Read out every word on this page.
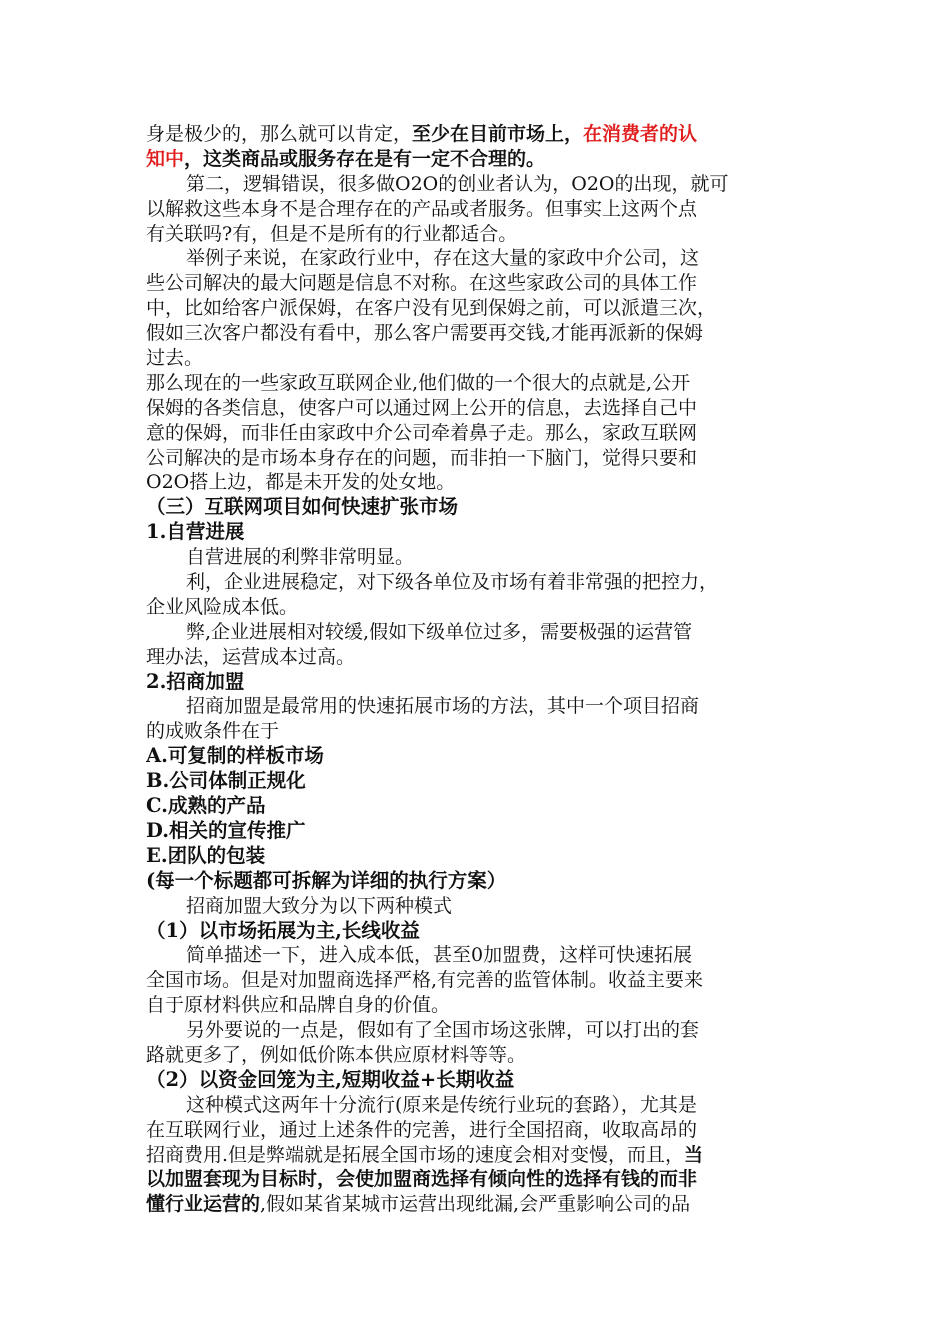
身是极少的，那么就可以肯定，至少在目前市场上，在消费者的认
知中，这类商品或服务存在是有一定不合理的。
第二，逻辑错误，很多做O2O的创业者认为，O2O的出现，就可
以解救这些本身不是合理存在的产品或者服务。但事实上这两个点
有关联吗?有，但是不是所有的行业都适合。
举例子来说，在家政行业中，存在这大量的家政中介公司，这
些公司解决的最大问题是信息不对称。在这些家政公司的具体工作
中，比如给客户派保姆，在客户没有见到保姆之前，可以派遣三次，
假如三次客户都没有看中，那么客户需要再交钱,才能再派新的保姆
过去。
那么现在的一些家政互联网企业,他们做的一个很大的点就是,公开
保姆的各类信息，使客户可以通过网上公开的信息，去选择自己中
意的保姆，而非任由家政中介公司牵着鼻子走。那么，家政互联网
公司解决的是市场本身存在的问题，而非拍一下脑门，觉得只要和
O2O搭上边，都是未开发的处女地。
（三）互联网项目如何快速扩张市场
1.自营进展
自营进展的利弊非常明显。
利，企业进展稳定，对下级各单位及市场有着非常强的把控力，
企业风险成本低。
弊,企业进展相对较缓,假如下级单位过多，需要极强的运营管
理办法，运营成本过高。
2.招商加盟
招商加盟是最常用的快速拓展市场的方法，其中一个项目招商
的成败条件在于
A.可复制的样板市场
B.公司体制正规化
C.成熟的产品
D.相关的宣传推广
E.团队的包装
(每一个标题都可拆解为详细的执行方案）
招商加盟大致分为以下两种模式
（1）以市场拓展为主,长线收益
简单描述一下，进入成本低，甚至0加盟费，这样可快速拓展
全国市场。但是对加盟商选择严格,有完善的监管体制。收益主要来
自于原材料供应和品牌自身的价值。
另外要说的一点是，假如有了全国市场这张牌，可以打出的套
路就更多了，例如低价陈本供应原材料等等。
（2）以资金回笼为主,短期收益+长期收益
这种模式这两年十分流行(原来是传统行业玩的套路），尤其是
在互联网行业，通过上述条件的完善，进行全国招商，收取高昂的
招商费用.但是弊端就是拓展全国市场的速度会相对变慢，而且，当
以加盟套现为目标时，会使加盟商选择有倾向性的选择有钱的而非
懂行业运营的,假如某省某城市运营出现纰漏,会严重影响公司的品
